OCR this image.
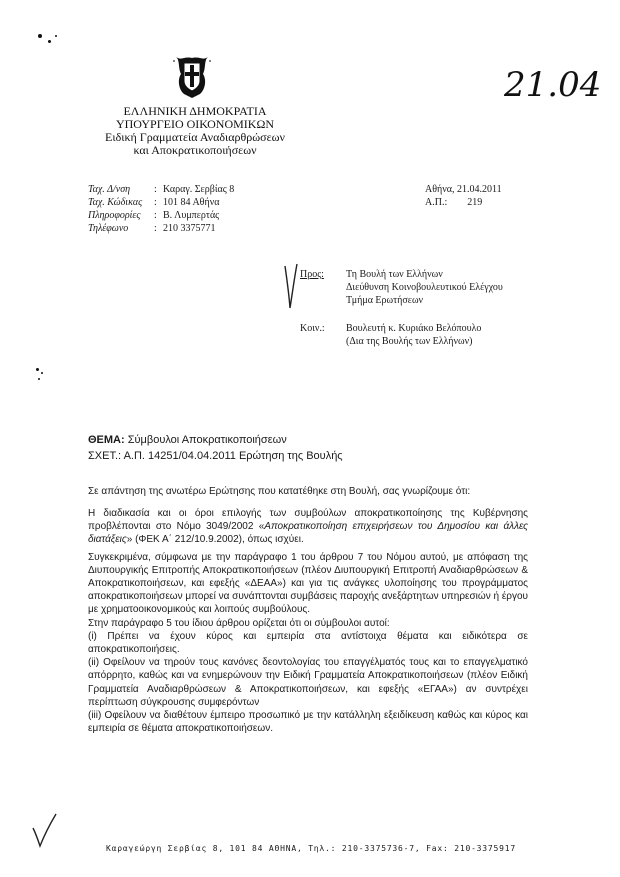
ΕΛΛΗΝΙΚΗ ΔΗΜΟΚΡΑΤΙΑ
ΥΠΟΥΡΓΕΙΟ ΟΙΚΟΝΟΜΙΚΩΝ
Ειδική Γραμματεία Αναδιαρθρώσεων
και Αποκρατικοποιήσεων
21.04
Ταχ. Δ/νση	: Καραγ. Σερβίας 8
Ταχ. Κώδικας	: 101 84 Αθήνα
Πληροφορίες	: Β. Λυμπερτάς
Τηλέφωνο	: 210 3375771
Αθήνα, 21.04.2011
Α.Π.: 219
Προς:	Τη Βουλή των Ελλήνων
Διεύθυνση Κοινοβουλευτικού Ελέγχου
Τμήμα Ερωτήσεων
Κοιν.:	Βουλευτή κ. Κυριάκο Βελόπουλο
(Δια της Βουλής των Ελλήνων)
ΘΕΜΑ: Σύμβουλοι Αποκρατικοποιήσεων
ΣΧΕΤ.: Α.Π. 14251/04.04.2011 Ερώτηση της Βουλής
Σε απάντηση της ανωτέρω Ερώτησης που κατατέθηκε στη Βουλή, σας γνωρίζουμε ότι:

Η διαδικασία και οι όροι επιλογής των συμβούλων αποκρατικοποίησης της Κυβέρνησης προβλέπονται στο Νόμο 3049/2002 «Αποκρατικοποίηση επιχειρήσεων του Δημοσίου και άλλες διατάξεις» (ΦΕΚ Α΄ 212/10.9.2002), όπως ισχύει.

Συγκεκριμένα, σύμφωνα με την παράγραφο 1 του άρθρου 7 του Νόμου αυτού, με απόφαση της Διυπουργικής Επιτροπής Αποκρατικοποιήσεων (πλέον Διυπουργική Επιτροπή Αναδιαρθρώσεων & Αποκρατικοποιήσεων, και εφεξής «ΔΕΑΑ») και για τις ανάγκες υλοποίησης του προγράμματος αποκρατικοποιήσεων μπορεί να συνάπτονται συμβάσεις παροχής ανεξάρτητων υπηρεσιών ή έργου με χρηματοοικονομικούς και λοιπούς συμβούλους.

Στην παράγραφο 5 του ίδιου άρθρου ορίζεται ότι οι σύμβουλοι αυτοί:

(i) Πρέπει να έχουν κύρος και εμπειρία στα αντίστοιχα θέματα και ειδικότερα σε αποκρατικοποιήσεις.

(ii) Οφείλουν να τηρούν τους κανόνες δεοντολογίας του επαγγέλματός τους και το επαγγελματικό απόρρητο, καθώς και να ενημερώνουν την Ειδική Γραμματεία Αποκρατικοποιήσεων (πλέον Ειδική Γραμματεία Αναδιαρθρώσεων & Αποκρατικοποιήσεων, και εφεξής «ΕΓΑΑ») αν συντρέχει περίπτωση σύγκρουσης συμφερόντων

(iii) Οφείλουν να διαθέτουν έμπειρο προσωπικό με την κατάλληλη εξειδίκευση καθώς και κύρος και εμπειρία σε θέματα αποκρατικοποιήσεων.

Καραγεώργη Σερβίας 8, 101 84 ΑΘΗΝΑ, Τηλ.: 210-3375736-7, Fax: 210-3375917
